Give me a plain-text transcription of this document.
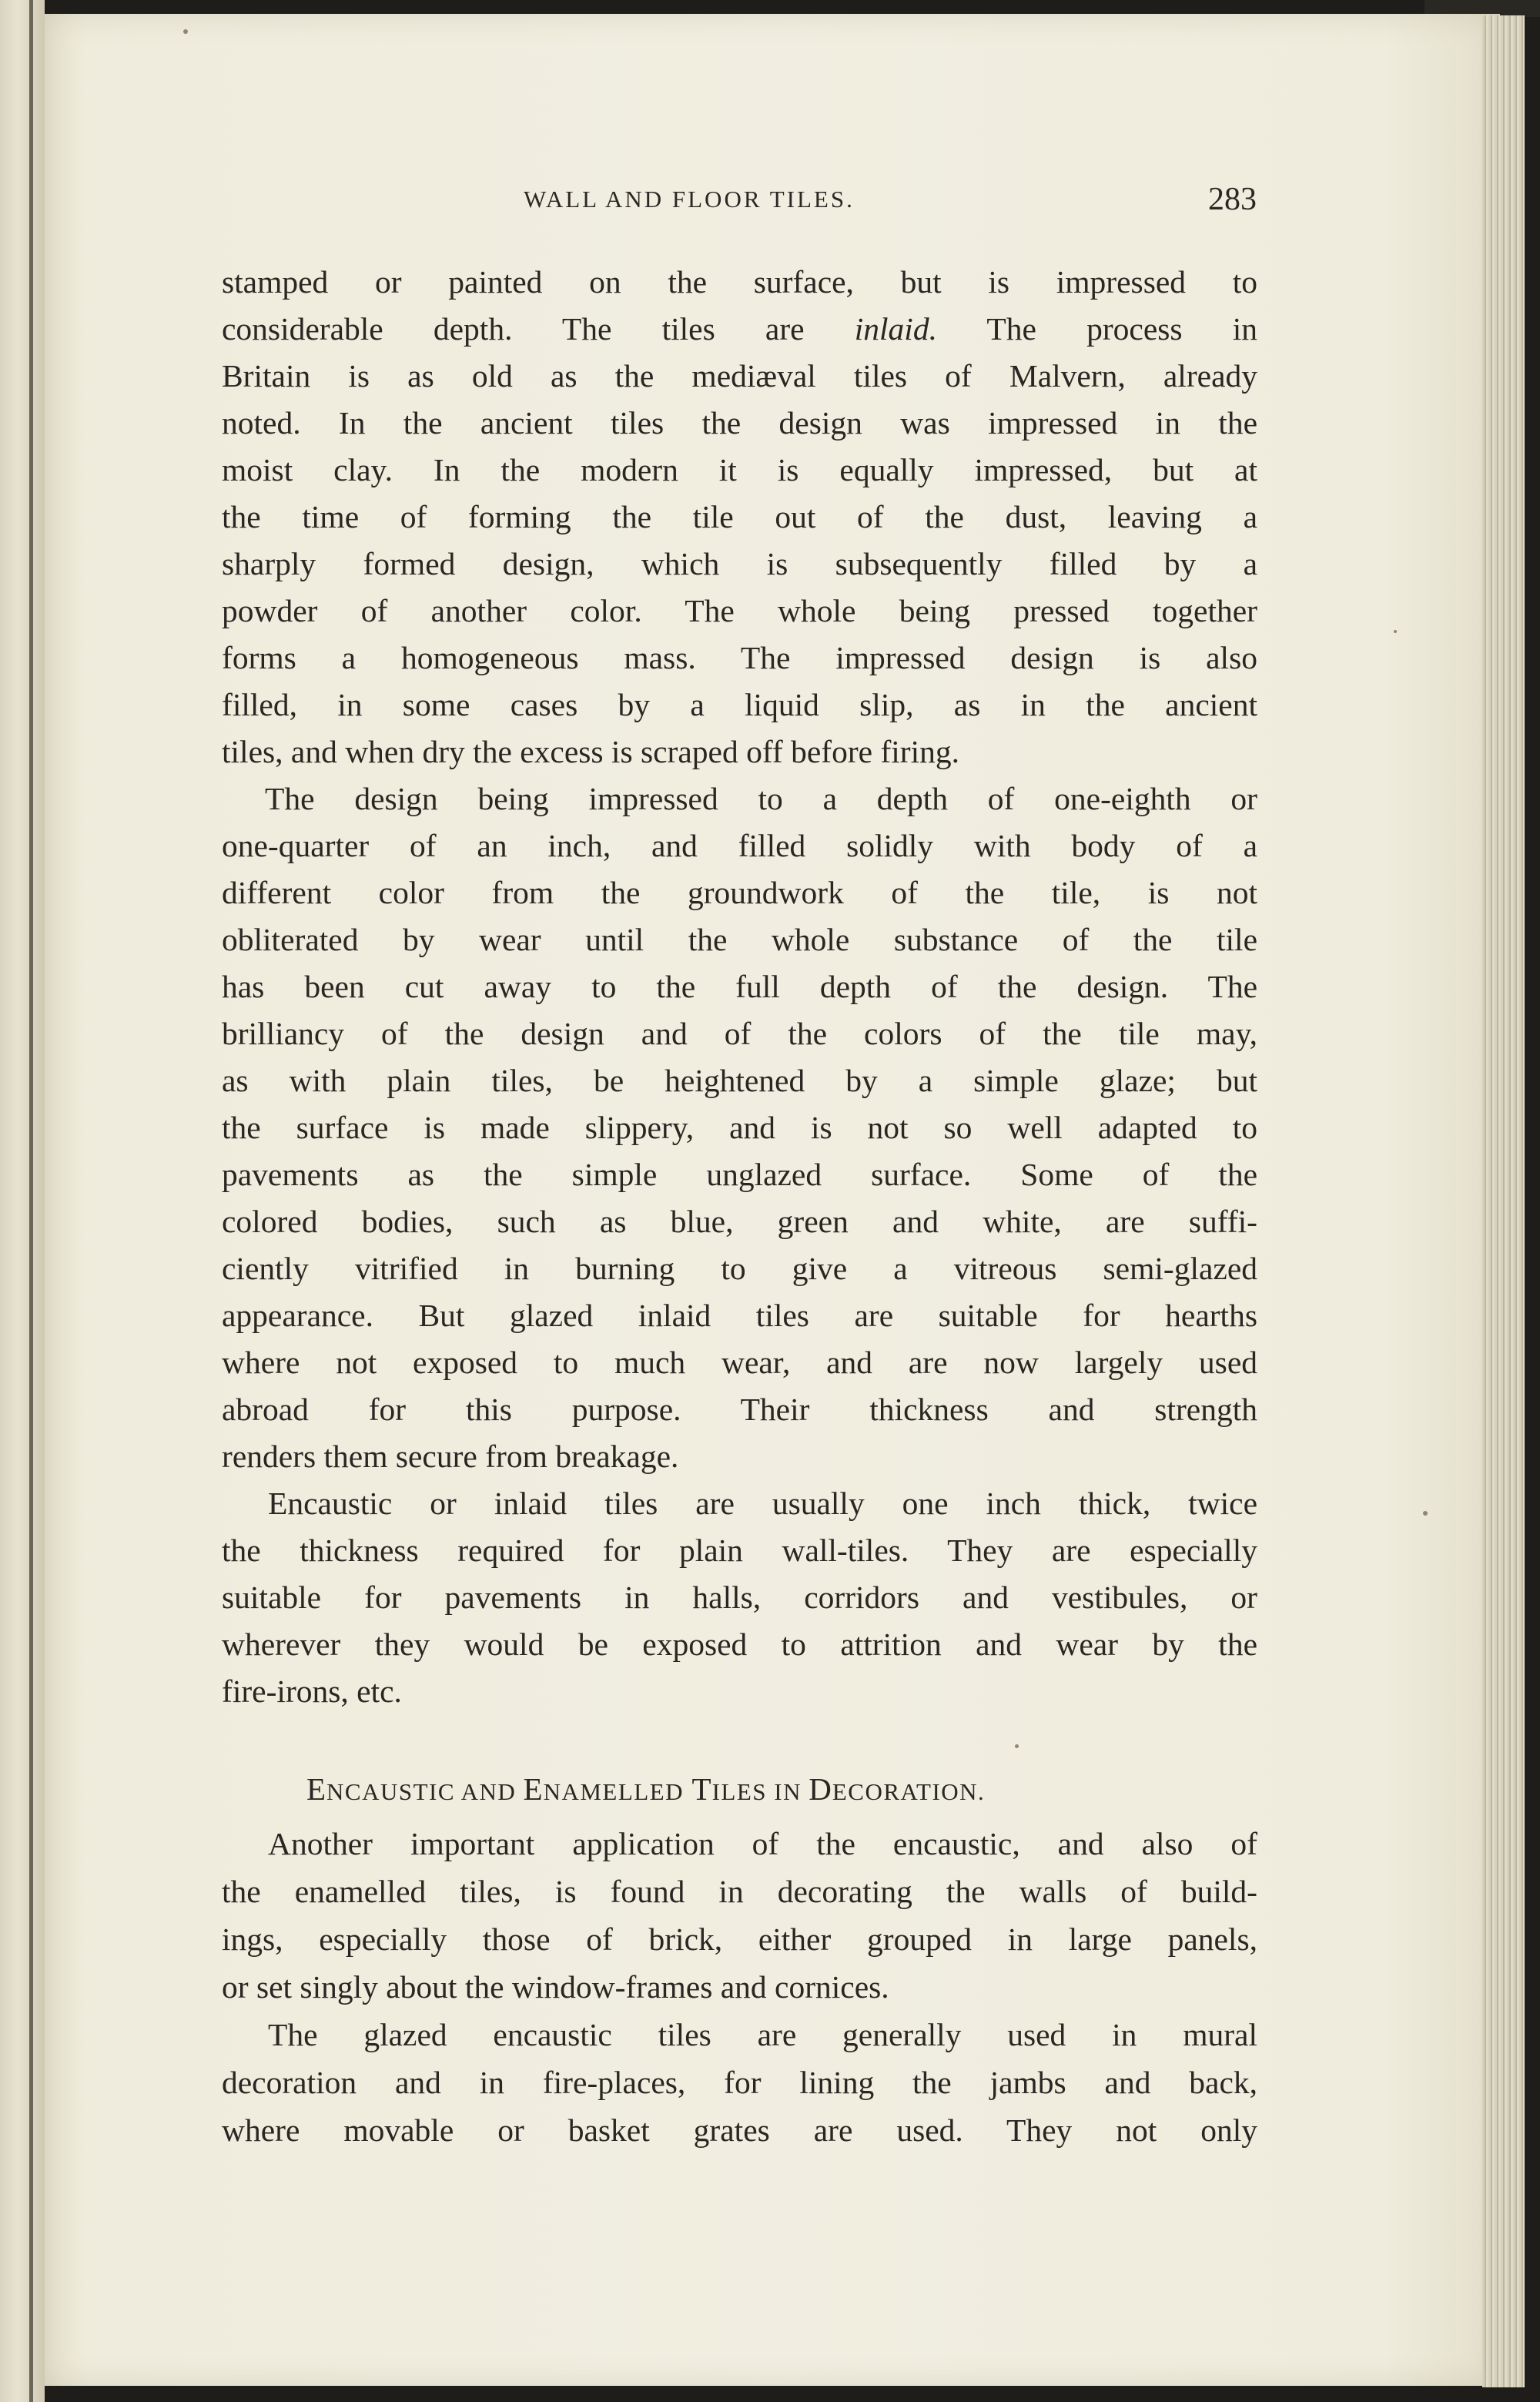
WALL AND FLOOR TILES.	283
stamped or painted on the surface, but is impressed to
considerable depth. The tiles are inlaid. The process in
Britain is as old as the mediæval tiles of Malvern, already
noted. In the ancient tiles the design was impressed in the
moist clay. In the modern it is equally impressed, but at
the time of forming the tile out of the dust, leaving a
sharply formed design, which is subsequently filled by a
powder of another color. The whole being pressed together
forms a homogeneous mass. The impressed design is also
filled, in some cases by a liquid slip, as in the ancient
tiles, and when dry the excess is scraped off before firing.
The design being impressed to a depth of one-eighth or
one-quarter of an inch, and filled solidly with body of a
different color from the groundwork of the tile, is not
obliterated by wear until the whole substance of the tile
has been cut away to the full depth of the design. The
brilliancy of the design and of the colors of the tile may,
as with plain tiles, be heightened by a simple glaze; but
the surface is made slippery, and is not so well adapted to
pavements as the simple unglazed surface. Some of the
colored bodies, such as blue, green and white, are suffi-
ciently vitrified in burning to give a vitreous semi-glazed
appearance. But glazed inlaid tiles are suitable for hearths
where not exposed to much wear, and are now largely used
abroad for this purpose. Their thickness and strength
renders them secure from breakage.
Encaustic or inlaid tiles are usually one inch thick, twice
the thickness required for plain wall-tiles. They are especially
suitable for pavements in halls, corridors and vestibules, or
wherever they would be exposed to attrition and wear by the
fire-irons, etc.
ENCAUSTIC AND ENAMELLED TILES IN DECORATION.
Another important application of the encaustic, and also of
the enamelled tiles, is found in decorating the walls of build-
ings, especially those of brick, either grouped in large panels,
or set singly about the window-frames and cornices.
The glazed encaustic tiles are generally used in mural
decoration and in fire-places, for lining the jambs and back,
where movable or basket grates are used. They not only
